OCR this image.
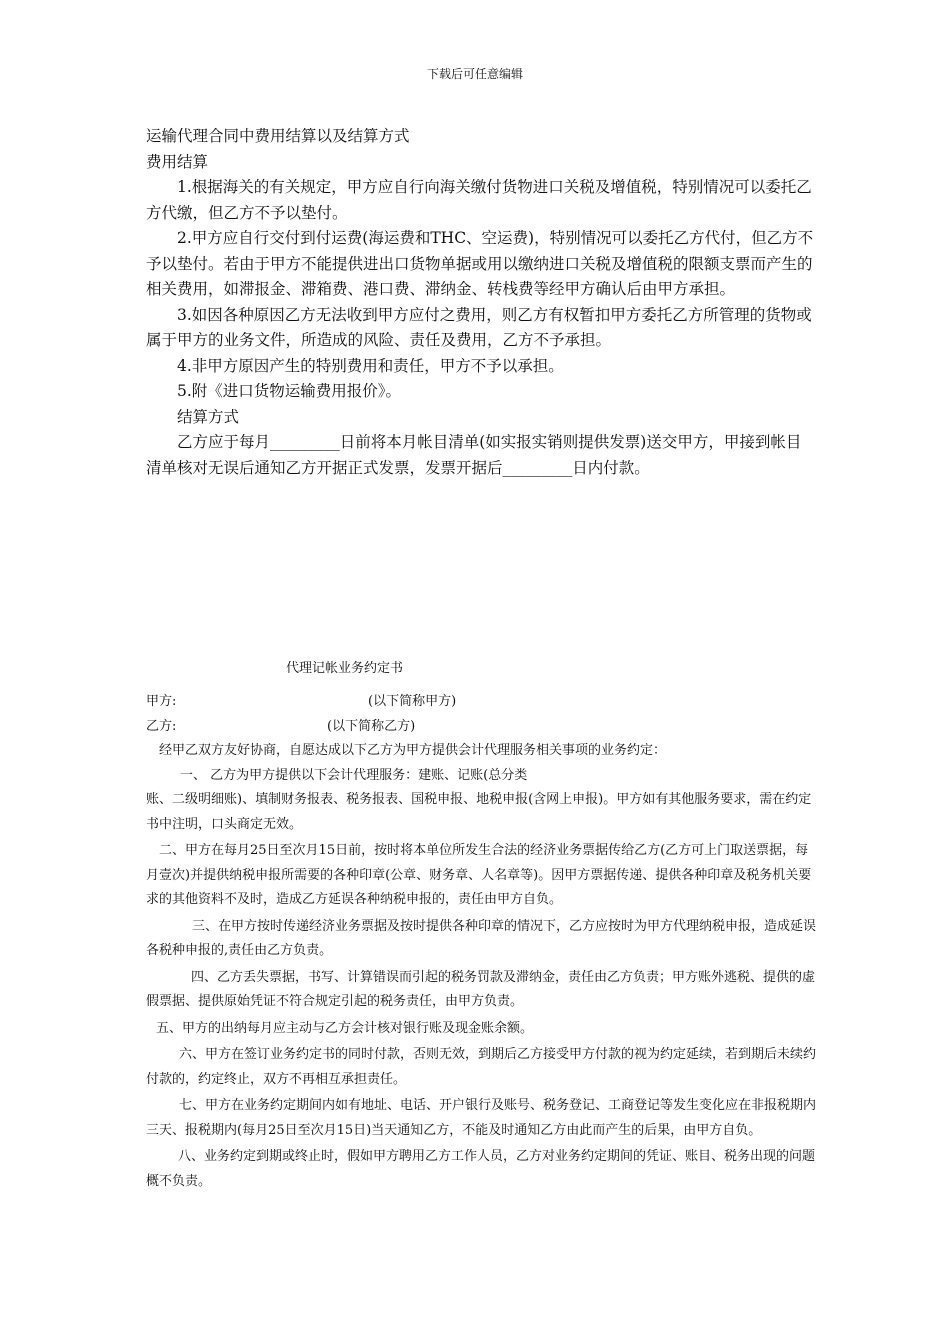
下载后可任意编辑

运输代理合同中费用结算以及结算方式

费用结算

1.根据海关的有关规定，甲方应自行向海关缴付货物进口关税及增值税，特别情况可以委托乙方代缴，但乙方不予以垫付。

2.甲方应自行交付到付运费(海运费和THC、空运费)，特别情况可以委托乙方代付，但乙方不予以垫付。若由于甲方不能提供进出口货物单据或用以缴纳进口关税及增值税的限额支票而产生的相关费用，如滞报金、滞箱费、港口费、滞纳金、转栈费等经甲方确认后由甲方承担。

3.如因各种原因乙方无法收到甲方应付之费用，则乙方有权暂扣甲方委托乙方所管理的货物或属于甲方的业务文件，所造成的风险、责任及费用，乙方不予承担。

4.非甲方原因产生的特别费用和责任，甲方不予以承担。

5.附《进口货物运输费用报价》。

结算方式

乙方应于每月_________日前将本月帐目清单(如实报实销则提供发票)送交甲方，甲接到帐目清单核对无误后通知乙方开据正式发票，发票开据后_________日内付款。

代理记帐业务约定书
甲方:	(以下简称甲方)
乙方:	(以下简称乙方)

经甲乙双方友好协商，自愿达成以下乙方为甲方提供会计代理服务相关事项的业务约定：

一、 乙方为甲方提供以下会计代理服务：建账、记账(总分类

账、二级明细账)、填制财务报表、税务报表、国税申报、地税申报(含网上申报)。甲方如有其他服务要求，需在约定书中注明，口头商定无效。

二、甲方在每月25日至次月15日前，按时将本单位所发生合法的经济业务票据传给乙方(乙方可上门取送票据，每月壹次)并提供纳税申报所需要的各种印章(公章、财务章、人名章等)。因甲方票据传递、提供各种印章及税务机关要求的其他资料不及时，造成乙方延误各种纳税申报的，责任由甲方自负。

三、在甲方按时传递经济业务票据及按时提供各种印章的情况下，乙方应按时为甲方代理纳税申报，造成延误各税种申报的,责任由乙方负责。

四、乙方丢失票据，书写、计算错误而引起的税务罚款及滞纳金，责任由乙方负责；甲方账外逃税、提供的虚假票据、提供原始凭证不符合规定引起的税务责任，由甲方负责。

五、甲方的出纳每月应主动与乙方会计核对银行账及现金账余额。

六、甲方在签订业务约定书的同时付款，否则无效，到期后乙方接受甲方付款的视为约定延续，若到期后未续约付款的，约定终止，双方不再相互承担责任。

七、甲方在业务约定期间内如有地址、电话、开户银行及账号、税务登记、工商登记等发生变化应在非报税期内三天、报税期内(每月25日至次月15日)当天通知乙方，不能及时通知乙方由此而产生的后果，由甲方自负。

八、业务约定到期或终止时，假如甲方聘用乙方工作人员，乙方对业务约定期间的凭证、账目、税务出现的问题概不负责。
